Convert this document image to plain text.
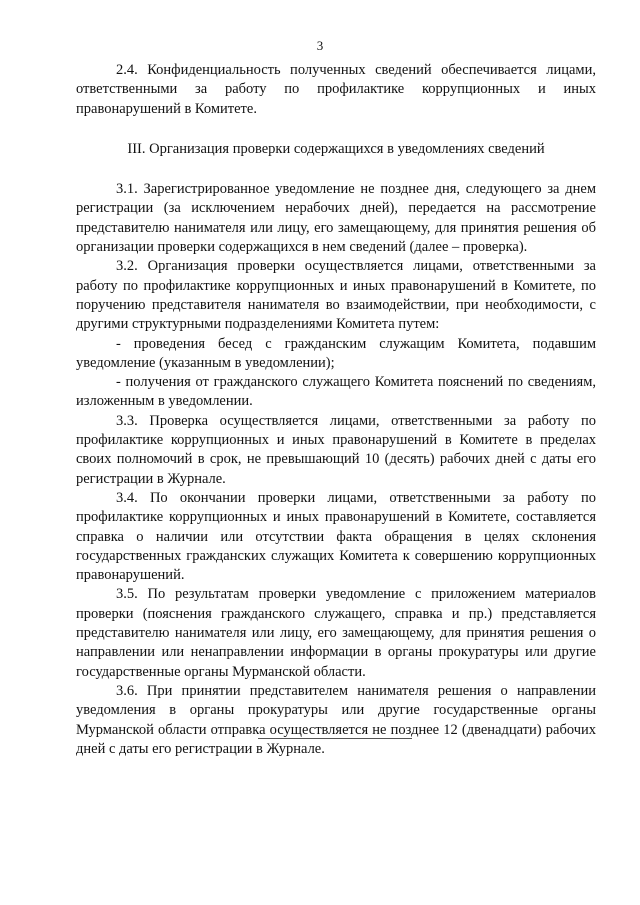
3

2.4. Конфиденциальность полученных сведений обеспечивается лицами, ответственными за работу по профилактике коррупционных и иных правонарушений в Комитете.

III. Организация проверки содержащихся в уведомлениях сведений

3.1. Зарегистрированное уведомление не позднее дня, следующего за днем регистрации (за исключением нерабочих дней), передается на рассмотрение представителю нанимателя или лицу, его замещающему, для принятия решения об организации проверки содержащихся в нем сведений (далее – проверка).

3.2. Организация проверки осуществляется лицами, ответственными за работу по профилактике коррупционных и иных правонарушений в Комитете, по поручению представителя нанимателя во взаимодействии, при необходимости, с другими структурными подразделениями Комитета путем:

- проведения бесед с гражданским служащим Комитета, подавшим уведомление (указанным в уведомлении);

- получения от гражданского служащего Комитета пояснений по сведениям, изложенным в уведомлении.

3.3. Проверка осуществляется лицами, ответственными за работу по профилактике коррупционных и иных правонарушений в Комитете в пределах своих полномочий в срок, не превышающий 10 (десять) рабочих дней с даты его регистрации в Журнале.

3.4. По окончании проверки лицами, ответственными за работу по профилактике коррупционных и иных правонарушений в Комитете, составляется справка о наличии или отсутствии факта обращения в целях склонения государственных гражданских служащих Комитета к совершению коррупционных правонарушений.

3.5. По результатам проверки уведомление с приложением материалов проверки (пояснения гражданского служащего, справка и пр.) представляется представителю нанимателя или лицу, его замещающему, для принятия решения о направлении или ненаправлении информации в органы прокуратуры или другие государственные органы Мурманской области.

3.6. При принятии представителем нанимателя решения о направлении уведомления в органы прокуратуры или другие государственные органы Мурманской области отправка осуществляется не позднее 12 (двенадцати) рабочих дней с даты его регистрации в Журнале.
